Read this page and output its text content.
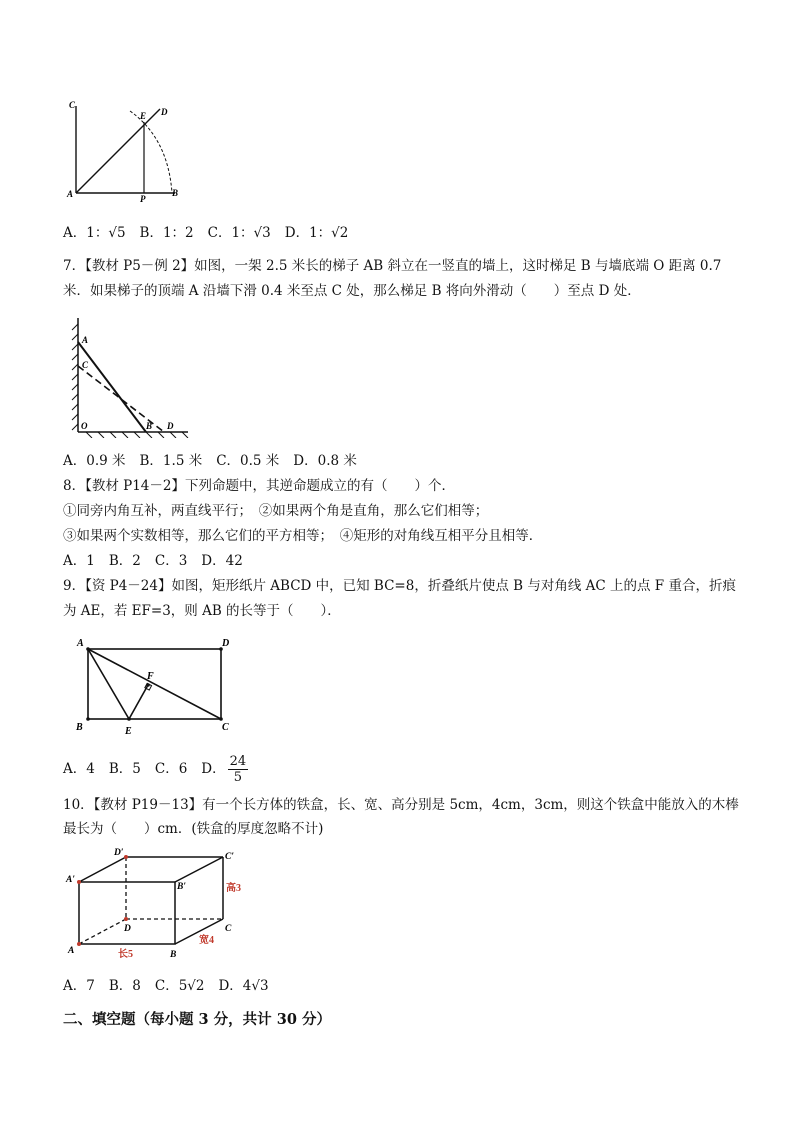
C
E D
A	P
B
A．1：√5 B．1：2 C．1：√3 D．1：√2
7．【教材 P5－例 2】如图，一架 2.5 米长的梯子 AB 斜立在一竖直的墙上，这时梯足 B 与墙底端 O 距离 0.7
米．如果梯子的顶端 A 沿墙下滑 0.4 米至点 C 处，那么梯足 B 将向外滑动（　　）至点 D 处．
A
C
O	B D
A．0.9 米 B．1.5 米 C．0.5 米 D．0.8 米
8．【教材 P14－2】下列命题中，其逆命题成立的有（　　）个．
①同旁内角互补，两直线平行；　②如果两个角是直角，那么它们相等；
③如果两个实数相等，那么它们的平方相等；　④矩形的对角线互相平分且相等．
A．1 B．2 C．3 D．42
9．【资 P4－24】如图，矩形纸片 ABCD 中，已知 BC=8，折叠纸片使点 B 与对角线 AC 上的点 F 重合，折痕
为 AE，若 EF=3，则 AB 的长等于（　　）．
A	D
F
B	E	C
A．4 B．5 C．6 D． $\frac{24}{5}$
10．【教材 P19－13】有一个长方体的铁盒，长、宽、高分别是 5cm，4cm，3cm，则这个铁盒中能放入的木棒
最长为（　　）cm．(铁盒的厚度忽略不计)
D′	C′
A′
B′
D	C
A	B
高3
宽4
长5
A．7 B．8 C．5√2 D．4√3
二、填空题（每小题 3 分，共计 30 分）
